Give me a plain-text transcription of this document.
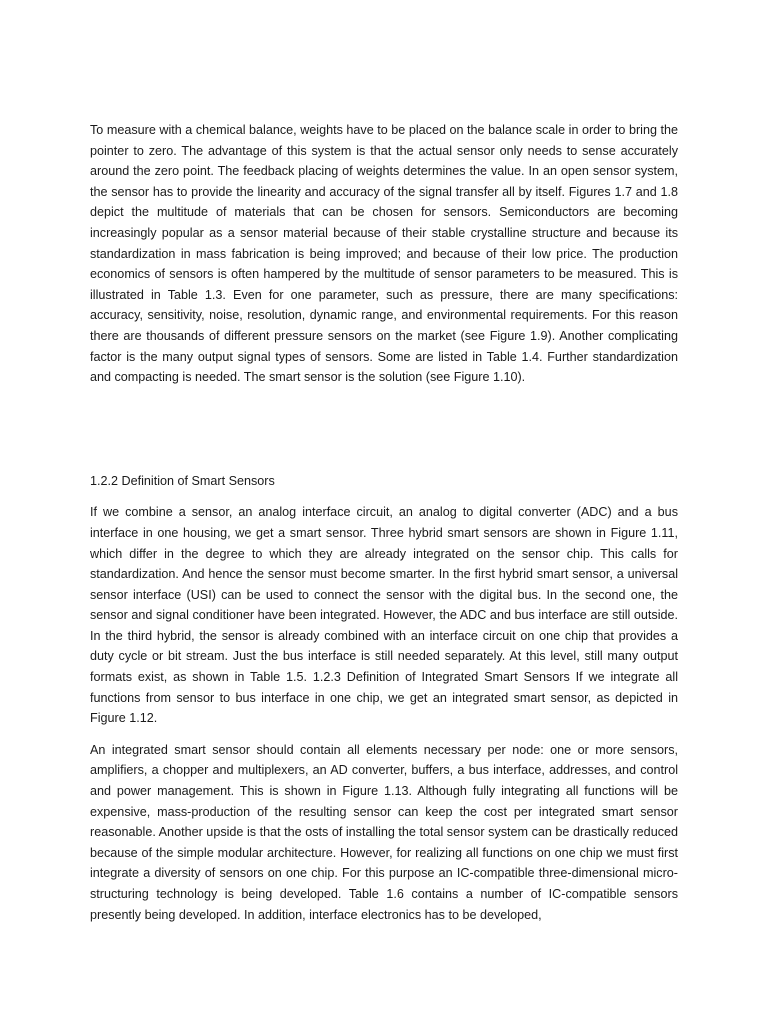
To measure with a chemical balance, weights have to be placed on the balance scale in order to bring the pointer to zero. The advantage of this system is that the actual sensor only needs to sense accurately around the zero point. The feedback placing of weights determines the value. In an open sensor system, the sensor has to provide the linearity and accuracy of the signal transfer all by itself. Figures 1.7 and 1.8 depict the multitude of materials that can be chosen for sensors. Semiconductors are becoming increasingly popular as a sensor material because of their stable crystalline structure and because its standardization in mass fabrication is being improved; and because of their low price. The production economics of sensors is often hampered by the multitude of sensor parameters to be measured. This is illustrated in Table 1.3. Even for one parameter, such as pressure, there are many specifications: accuracy, sensitivity, noise, resolution, dynamic range, and environmental requirements. For this reason there are thousands of different pressure sensors on the market (see Figure 1.9). Another complicating factor is the many output signal types of sensors. Some are listed in Table 1.4. Further standardization and compacting is needed. The smart sensor is the solution (see Figure 1.10).

1.2.2 Definition of Smart Sensors

If we combine a sensor, an analog interface circuit, an analog to digital converter (ADC) and a bus interface in one housing, we get a smart sensor. Three hybrid smart sensors are shown in Figure 1.11, which differ in the degree to which they are already integrated on the sensor chip. This calls for standardization. And hence the sensor must become smarter. In the first hybrid smart sensor, a universal sensor interface (USI) can be used to connect the sensor with the digital bus. In the second one, the sensor and signal conditioner have been integrated. However, the ADC and bus interface are still outside. In the third hybrid, the sensor is already combined with an interface circuit on one chip that provides a duty cycle or bit stream. Just the bus interface is still needed separately. At this level, still many output formats exist, as shown in Table 1.5. 1.2.3 Definition of Integrated Smart Sensors If we integrate all functions from sensor to bus interface in one chip, we get an integrated smart sensor, as depicted in Figure 1.12.

An integrated smart sensor should contain all elements necessary per node: one or more sensors, amplifiers, a chopper and multiplexers, an AD converter, buffers, a bus interface, addresses, and control and power management. This is shown in Figure 1.13. Although fully integrating all functions will be expensive, mass-production of the resulting sensor can keep the cost per integrated smart sensor reasonable. Another upside is that the osts of installing the total sensor system can be drastically reduced because of the simple modular architecture. However, for realizing all functions on one chip we must first integrate a diversity of sensors on one chip. For this purpose an IC-compatible three-dimensional micro-structuring technology is being developed. Table 1.6 contains a number of IC-compatible sensors presently being developed. In addition, interface electronics has to be developed,
